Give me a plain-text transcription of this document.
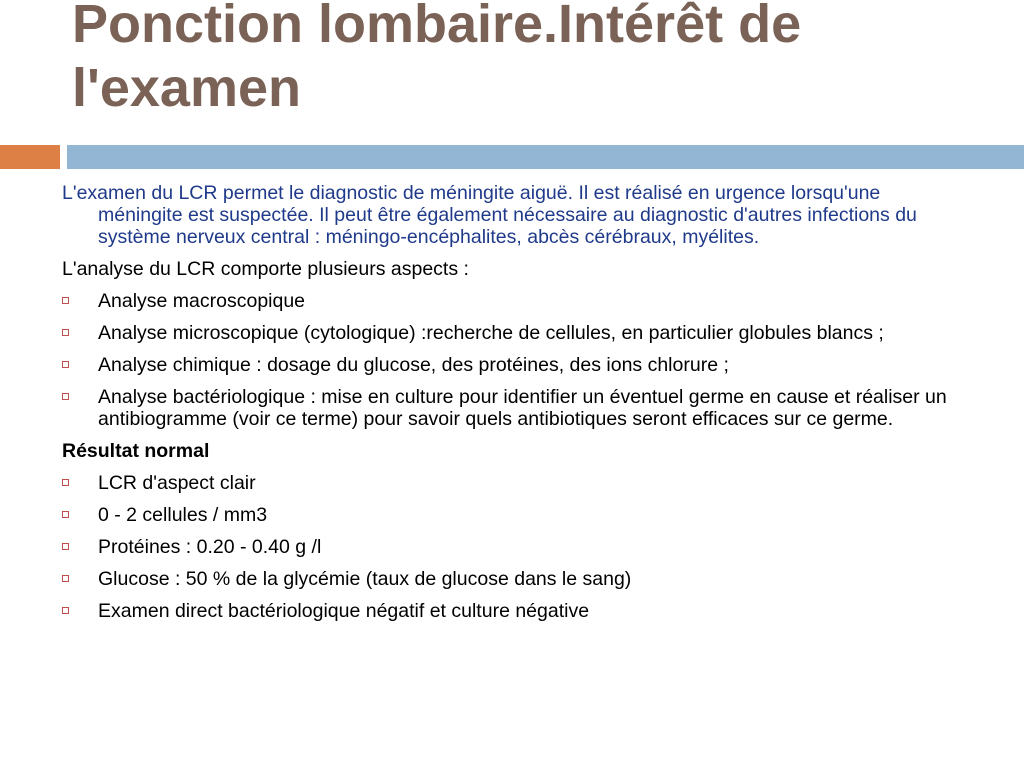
Ponction lombaire.Intérêt de l'examen

L'examen du LCR permet le diagnostic de méningite aiguë. Il est réalisé en urgence lorsqu'une méningite est suspectée. Il peut être également nécessaire au diagnostic d'autres infections du système nerveux central : méningo-encéphalites, abcès cérébraux, myélites.

L'analyse du LCR comporte plusieurs aspects :

Analyse macroscopique
Analyse microscopique (cytologique) :recherche de cellules, en particulier globules blancs ;
Analyse chimique : dosage du glucose, des protéines, des ions chlorure ;
Analyse bactériologique : mise en culture pour identifier un éventuel germe en cause et réaliser un antibiogramme (voir ce terme) pour savoir quels antibiotiques seront efficaces sur ce germe.

Résultat normal

LCR d'aspect clair
0 - 2 cellules / mm3
Protéines : 0.20 - 0.40 g /l
Glucose : 50 % de la glycémie (taux de glucose dans le sang)
Examen direct bactériologique négatif et culture négative
